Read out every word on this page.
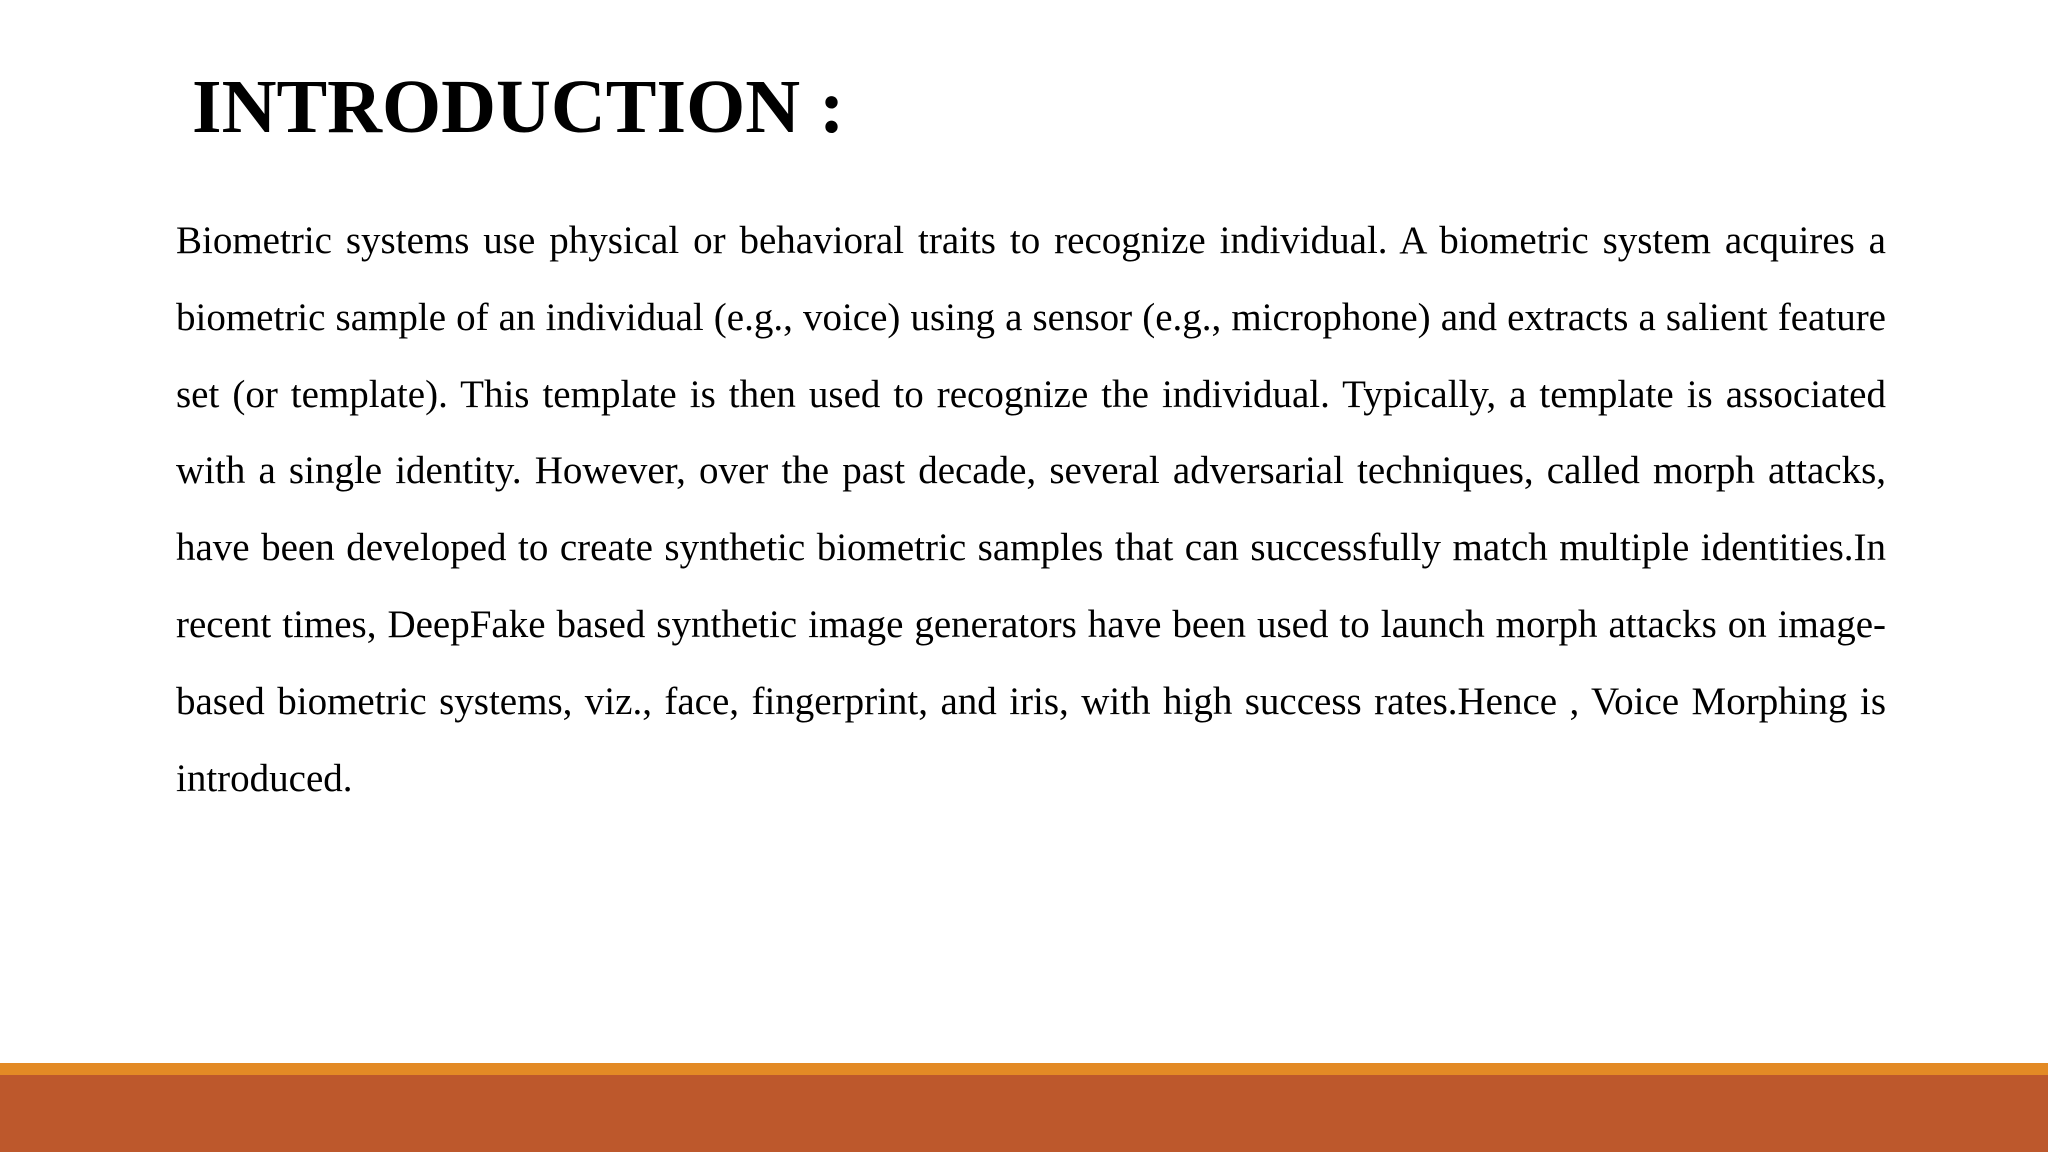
INTRODUCTION :

Biometric systems use physical or behavioral traits to recognize individual. A biometric system acquires a biometric sample of an individual (e.g., voice) using a sensor (e.g., microphone) and extracts a salient feature set (or template). This template is then used to recognize the individual. Typically, a template is associated with a single identity. However, over the past decade, several adversarial techniques, called morph attacks, have been developed to create synthetic biometric samples that can successfully match multiple identities.In recent times, DeepFake based synthetic image generators have been used to launch morph attacks on image-based biometric systems, viz., face, fingerprint, and iris, with high success rates.Hence , Voice Morphing is introduced.
